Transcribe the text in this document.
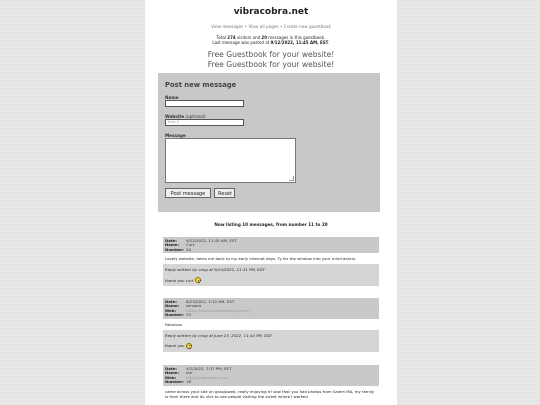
vibracobra.net
View messages • View all pages • Create new guestbook
Total 274 visitors and 20 messages in this guestbook.
Last message was posted at 9/12/2022, 11:45 AM, EST.
Free Guestbook for your website!
Free Guestbook for your website!
Post new message
Name
Website (optional)
http://
Message
Post message	Reset
Now listing 10 messages, from number 11 to 20
Date:	9/12/2022, 11:45 AM, EST
Name:	Curt
Number: 20
Lovely website, takes me back to my early internet days. Ty for the window into your mind darius.
Reply written by cnug at 9/14/2022, 11:31 PM, EDT
thank you curt
Date:	6/23/2022, 5:12 AM, EST
Name:	sensora
Web:	https://www.artellanoeberg.com/
Number: 19
Fabulous
Reply written by cnug at June 23, 2022, 11:44 PM, EDT
thank you
Date:	4/2/2022, 7:37 PM, EST
Name:	nia
Web:	http://niagorbett.com
Number: 18
came across your site on gossipweb, really enjoying it! saw that you had photos from Salem MA, my family is from there and its nice to see people visiting the street where i worked
